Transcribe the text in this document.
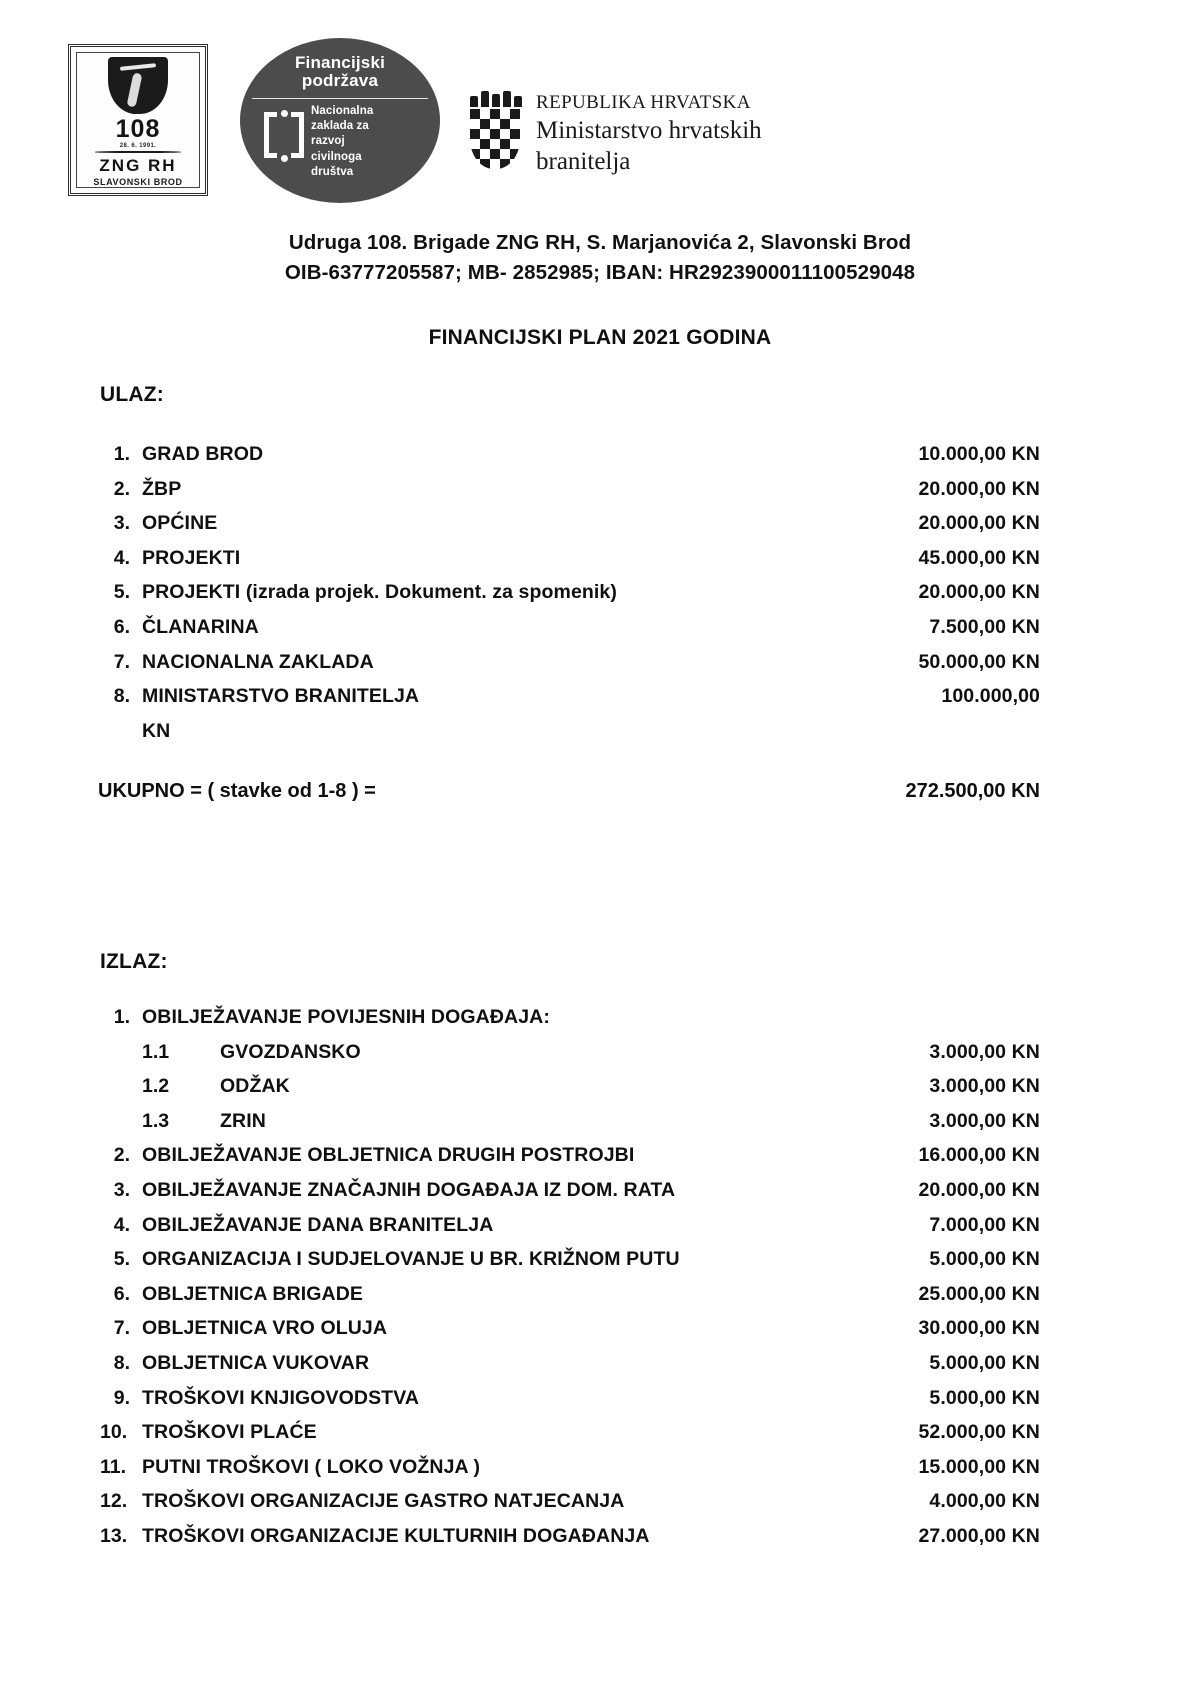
108
28. 6. 1991.
ZNG RH
SLAVONSKI BROD
Financijski
podržava
Nacionalna
zaklada za
razvoj
civilnoga
društva
REPUBLIKA HRVATSKA
Ministarstvo hrvatskih
branitelja
Udruga 108. Brigade ZNG RH, S. Marjanovića 2, Slavonski Brod
OIB-63777205587; MB- 2852985; IBAN: HR2923900011100529048
FINANCIJSKI PLAN 2021 GODINA
ULAZ:
1. GRAD BROD	10.000,00 KN
2. ŽBP	20.000,00 KN
3. OPĆINE	20.000,00 KN
4. PROJEKTI	45.000,00 KN
5. PROJEKTI (izrada projek. Dokument. za spomenik)	20.000,00 KN
6. ČLANARINA	7.500,00 KN
7. NACIONALNA ZAKLADA	50.000,00 KN
8. MINISTARSTVO BRANITELJA	100.000,00
KN
UKUPNO = ( stavke od 1-8 ) =	272.500,00 KN
IZLAZ:
1. OBILJEŽAVANJE POVIJESNIH DOGAĐAJA:
1.1	GVOZDANSKO	3.000,00 KN
1.2	ODŽAK	3.000,00 KN
1.3	ZRIN	3.000,00 KN
2. OBILJEŽAVANJE OBLJETNICA DRUGIH POSTROJBI	16.000,00 KN
3. OBILJEŽAVANJE ZNAČAJNIH DOGAĐAJA IZ DOM. RATA	20.000,00 KN
4. OBILJEŽAVANJE DANA BRANITELJA	7.000,00 KN
5. ORGANIZACIJA I SUDJELOVANJE U BR. KRIŽNOM PUTU	5.000,00 KN
6. OBLJETNICA BRIGADE	25.000,00 KN
7. OBLJETNICA VRO OLUJA	30.000,00 KN
8. OBLJETNICA VUKOVAR	5.000,00 KN
9. TROŠKOVI KNJIGOVODSTVA	5.000,00 KN
10. TROŠKOVI PLAĆE	52.000,00 KN
11. PUTNI TROŠKOVI ( LOKO VOŽNJA )	15.000,00 KN
12. TROŠKOVI ORGANIZACIJE GASTRO NATJECANJA	4.000,00 KN
13. TROŠKOVI ORGANIZACIJE KULTURNIH DOGAĐANJA	27.000,00 KN
